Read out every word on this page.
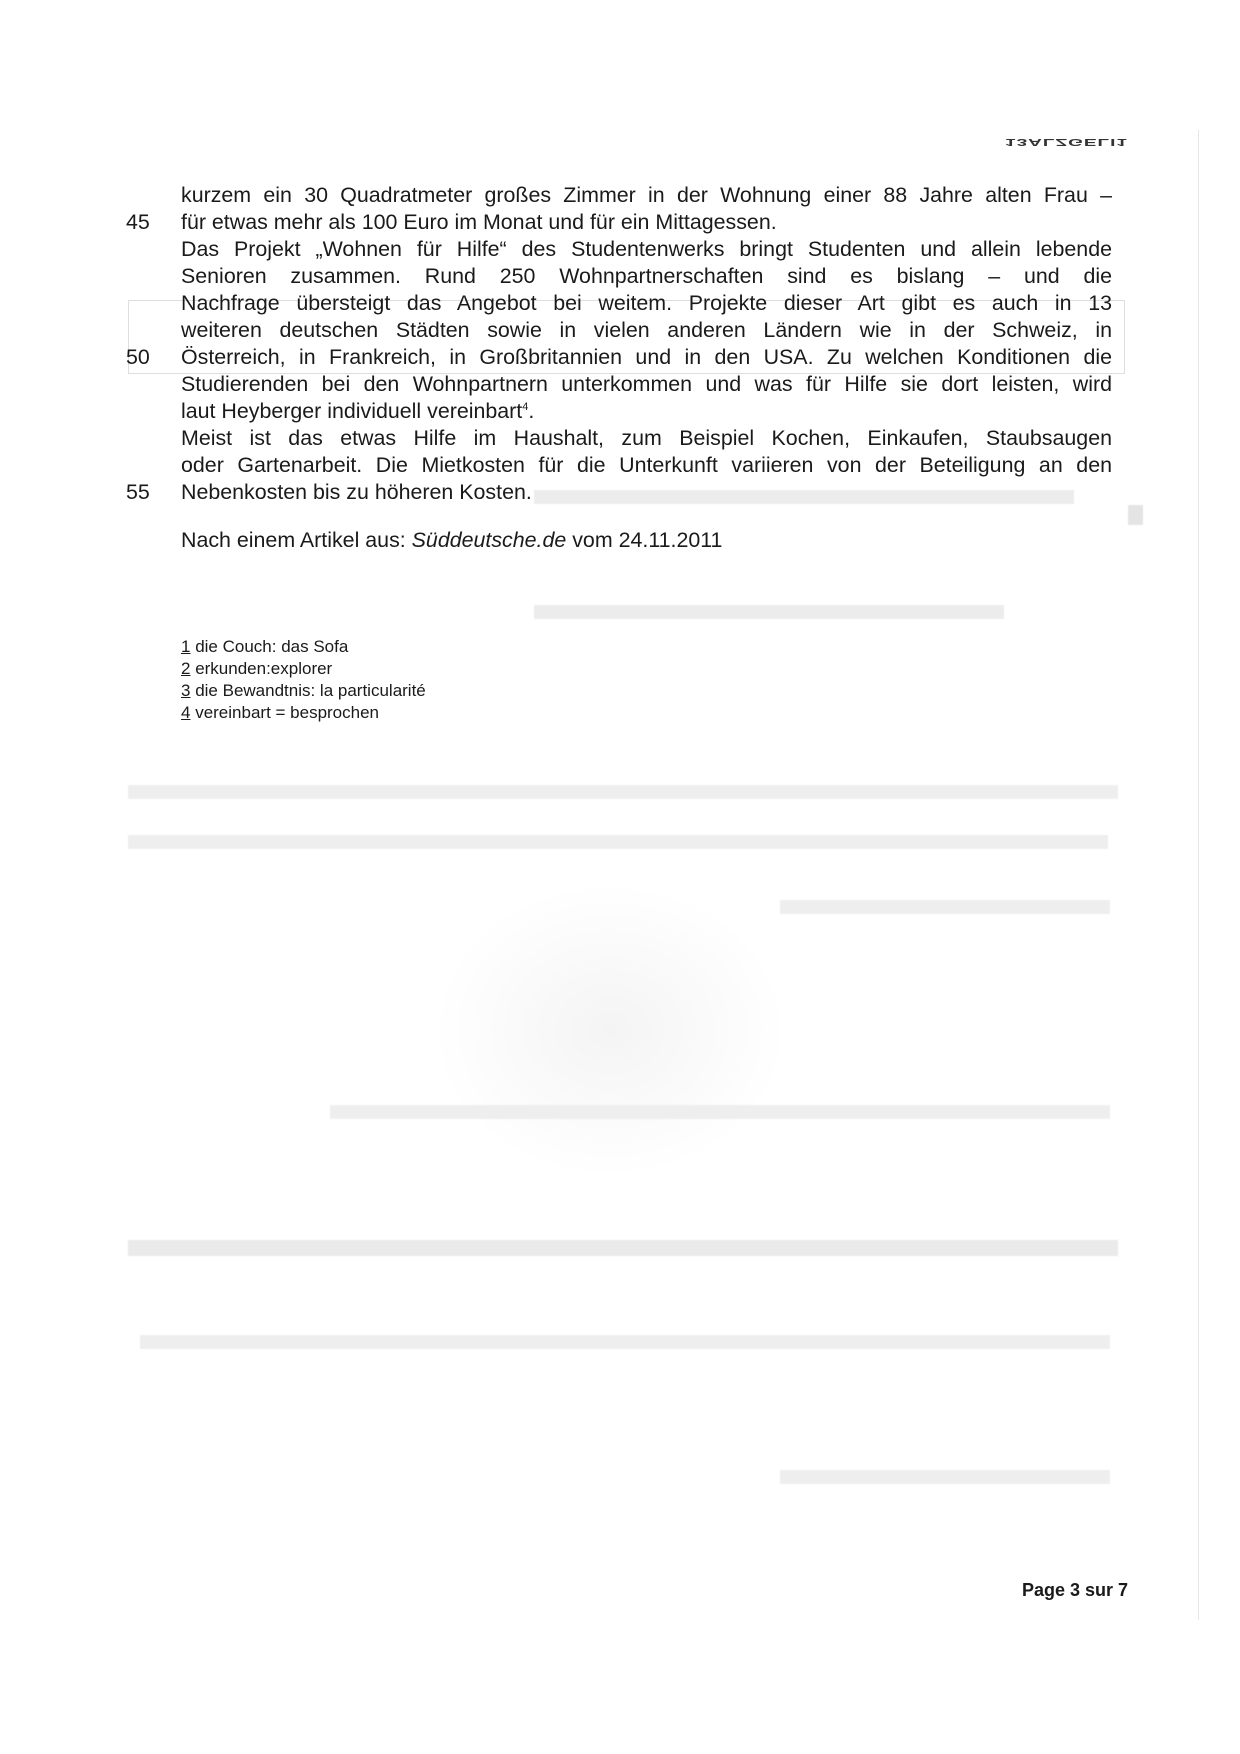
13ALZGELI1
kurzem ein 30 Quadratmeter großes Zimmer in der Wohnung einer 88 Jahre alten Frau –
45	für etwas mehr als 100 Euro im Monat und für ein Mittagessen.
Das Projekt „Wohnen für Hilfe“ des Studentenwerks bringt Studenten und allein lebende
Senioren zusammen. Rund 250 Wohnpartnerschaften sind es bislang – und die
Nachfrage übersteigt das Angebot bei weitem. Projekte dieser Art gibt es auch in 13
weiteren deutschen Städten sowie in vielen anderen Ländern wie in der Schweiz, in
50	Österreich, in Frankreich, in Großbritannien und in den USA. Zu welchen Konditionen die
Studierenden bei den Wohnpartnern unterkommen und was für Hilfe sie dort leisten, wird
laut Heyberger individuell vereinbart$^4$.
Meist ist das etwas Hilfe im Haushalt, zum Beispiel Kochen, Einkaufen, Staubsaugen
oder Gartenarbeit. Die Mietkosten für die Unterkunft variieren von der Beteiligung an den
55	Nebenkosten bis zu höheren Kosten.
Nach einem Artikel aus: Süddeutsche.de vom 24.11.2011
1 die Couch: das Sofa
2 erkunden:explorer
3 die Bewandtnis: la particularité
4 vereinbart = besprochen
Page 3 sur 7
